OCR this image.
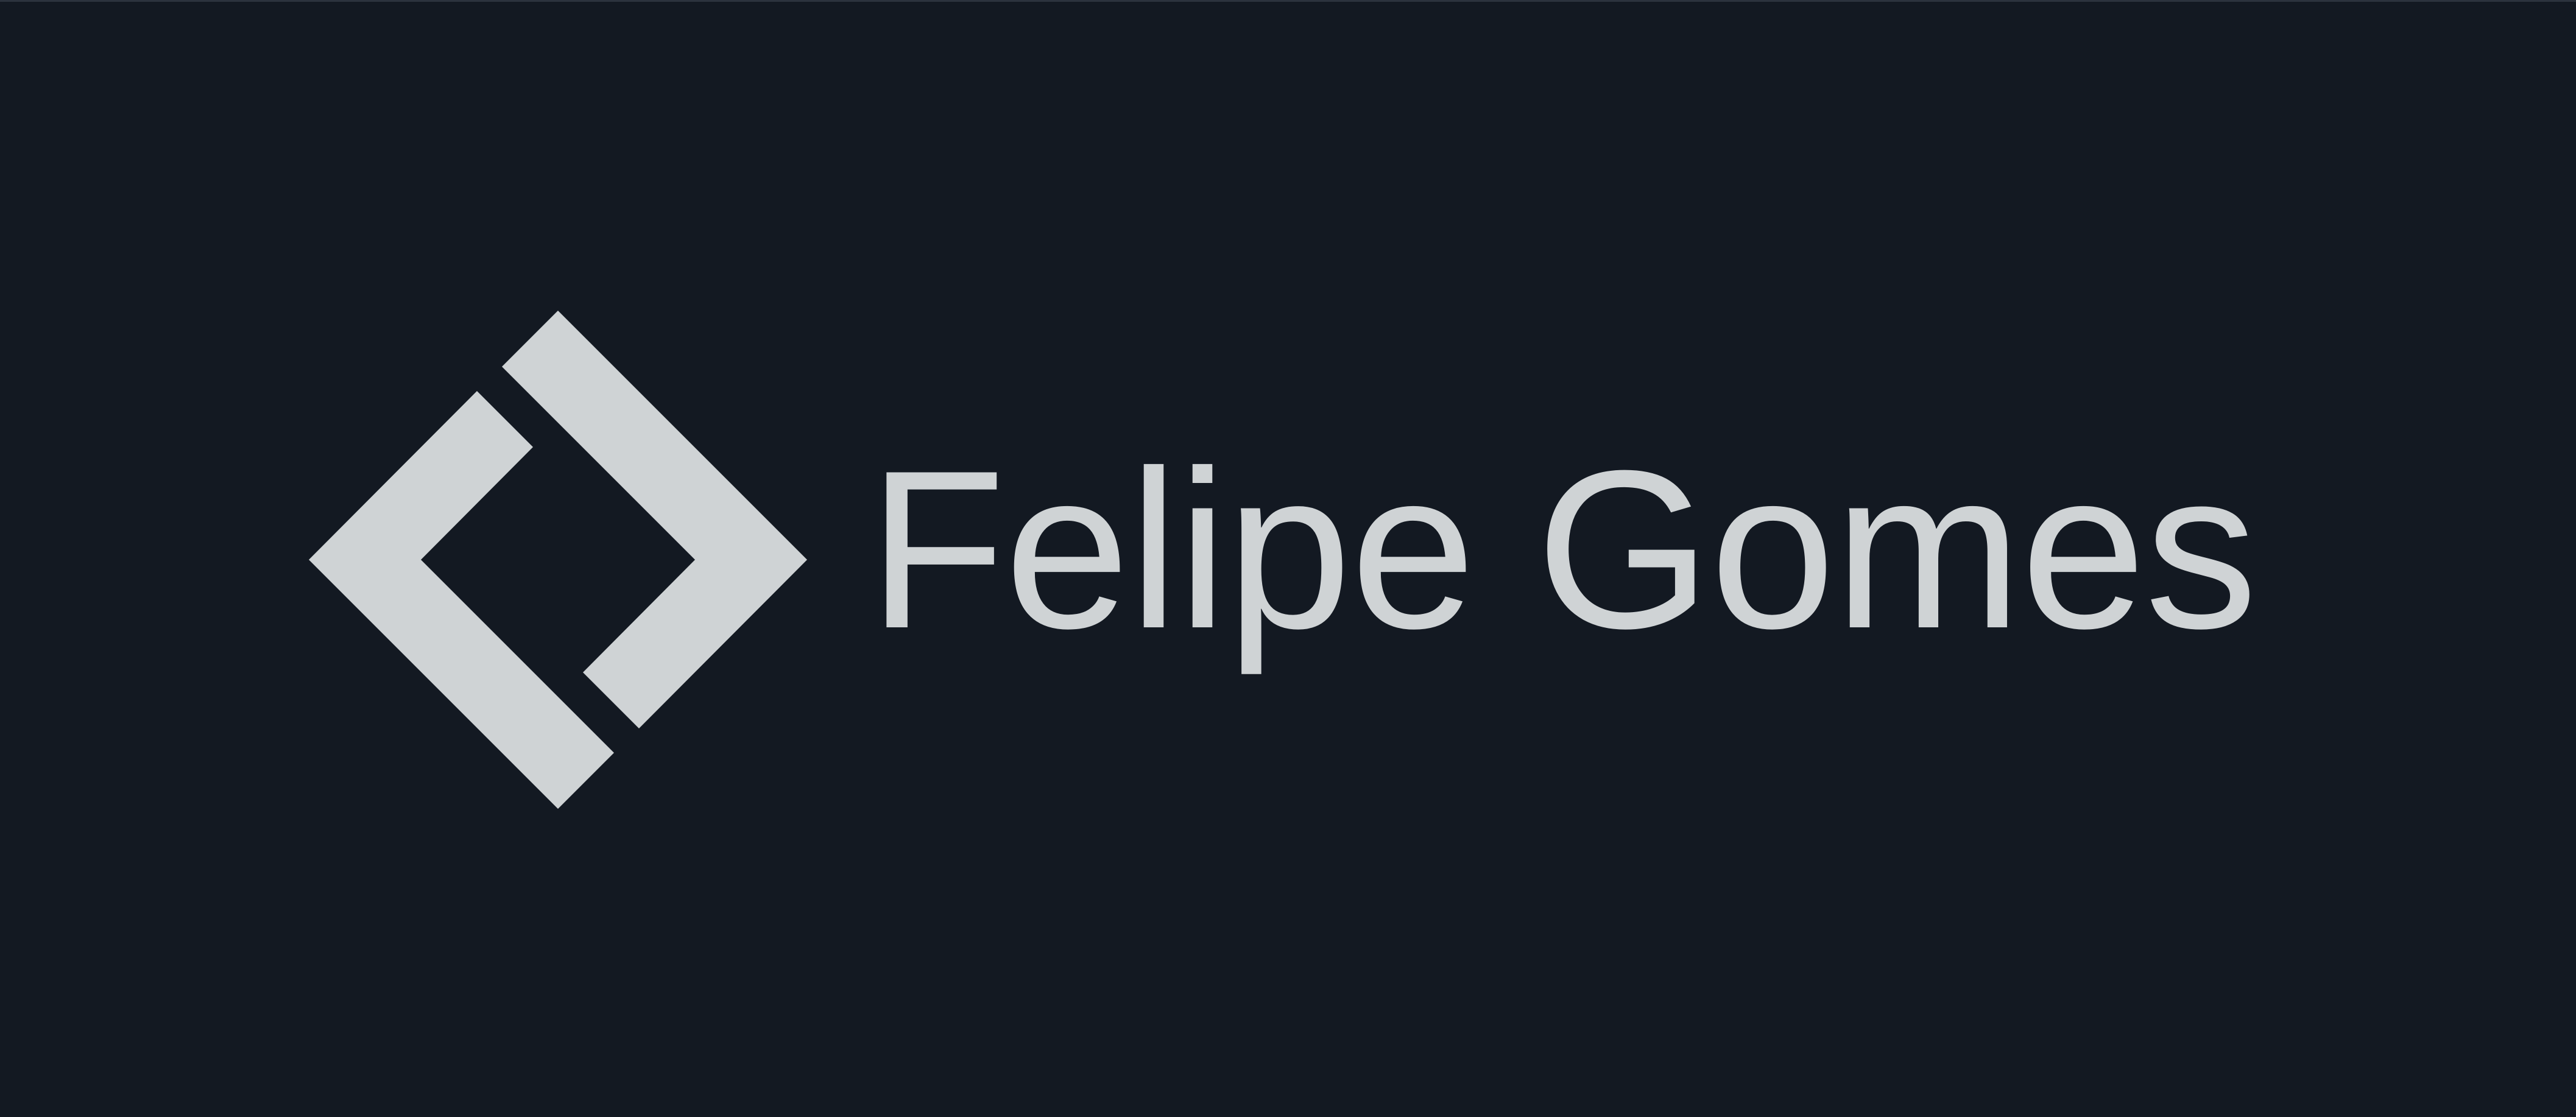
Felipe Gomes
